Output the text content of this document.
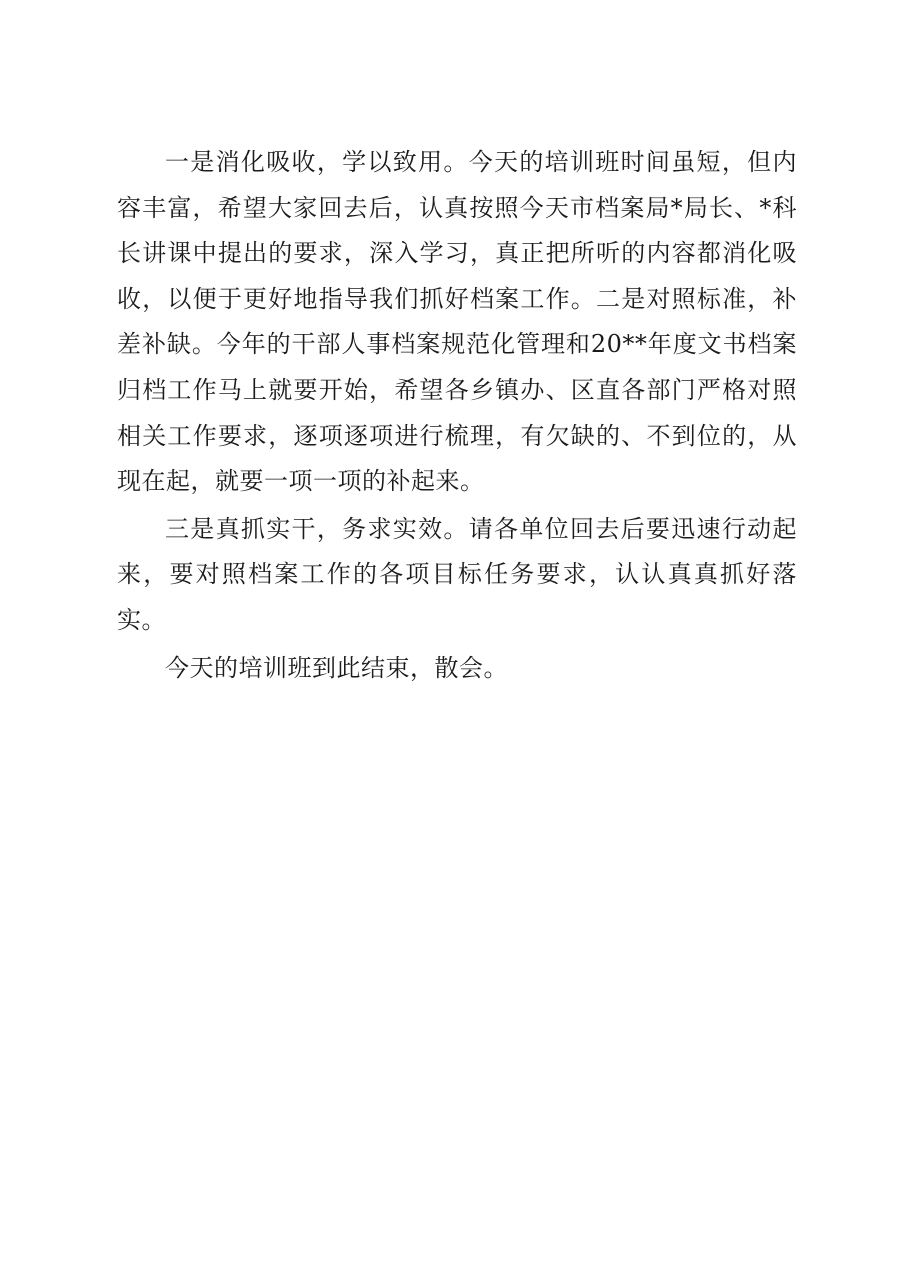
一是消化吸收，学以致用。今天的培训班时间虽短，但内容丰富，希望大家回去后，认真按照今天市档案局*局长、*科长讲课中提出的要求，深入学习，真正把所听的内容都消化吸收，以便于更好地指导我们抓好档案工作。二是对照标准，补差补缺。今年的干部人事档案规范化管理和20**年度文书档案归档工作马上就要开始，希望各乡镇办、区直各部门严格对照相关工作要求，逐项逐项进行梳理，有欠缺的、不到位的，从现在起，就要一项一项的补起来。

三是真抓实干，务求实效。请各单位回去后要迅速行动起来，要对照档案工作的各项目标任务要求，认认真真抓好落实。

今天的培训班到此结束，散会。
